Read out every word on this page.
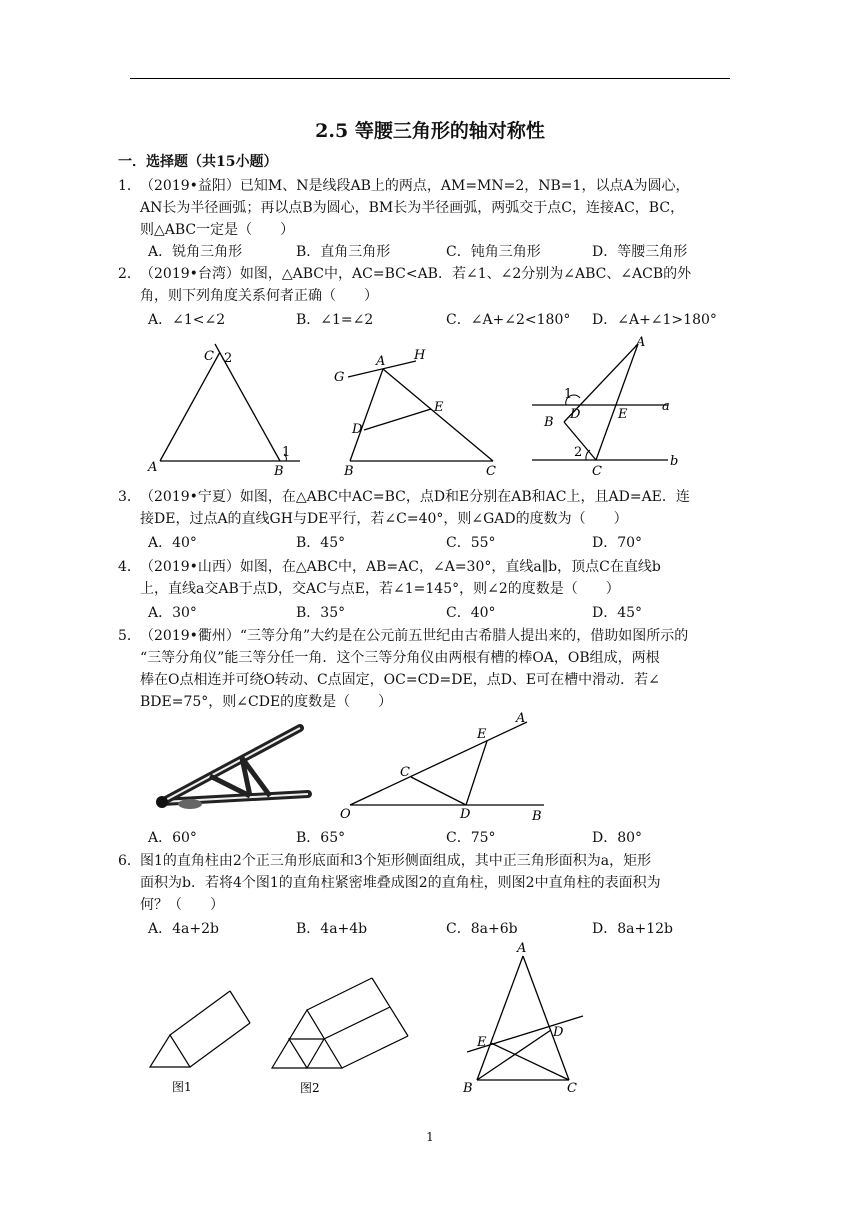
2.5 等腰三角形的轴对称性
一．选择题（共15小题）
1． （2019•益阳）已知M、N是线段AB上的两点，AM=MN=2，NB=1，以点A为圆心，
AN长为半径画弧；再以点B为圆心，BM长为半径画弧，两弧交于点C，连接AC，BC，
则△ABC一定是（　　）
A．锐角三角形	B．直角三角形	C．钝角三角形	D．等腰三角形
2． （2019•台湾）如图，△ABC中，AC=BC<AB．若∠1、∠2分别为∠ABC、∠ACB的外
角，则下列角度关系何者正确（　　）
A．∠1<∠2	B．∠1=∠2	C．∠A+∠2<180° D．∠A+∠1>180°
C 2
1
A	B
G
A H
E
D
B	C
A
1
D	E
a
B
2
C
b
3． （2019•宁夏）如图，在△ABC中AC=BC，点D和E分别在AB和AC上，且AD=AE．连
接DE，过点A的直线GH与DE平行，若∠C=40°，则∠GAD的度数为（　　）
A．40°	B．45°	C．55°	D．70°
4． （2019•山西）如图，在△ABC中，AB=AC，∠A=30°，直线a∥b，顶点C在直线b
上，直线a交AB于点D，交AC与点E，若∠1=145°，则∠2的度数是（　　）
A．30°	B．35°	C．40°	D．45°
5． （2019•衢州）“三等分角”大约是在公元前五世纪由古希腊人提出来的，借助如图所示的
“三等分角仪”能三等分任一角．这个三等分角仪由两根有槽的棒OA，OB组成，两根
棒在O点相连并可绕O转动、C点固定，OC=CD=DE，点D、E可在槽中滑动．若∠
BDE=75°，则∠CDE的度数是（　　）
A
E
C
O	D	B
A．60°	B．65°	C．75°	D．80°
6． 图1的直角柱由2个正三角形底面和3个矩形侧面组成，其中正三角形面积为a，矩形
面积为b．若将4个图1的直角柱紧密堆叠成图2的直角柱，则图2中直角柱的表面积为
何？（　　）
A．4a+2b	B．4a+4b	C．8a+6b	D．8a+12b
图1	图2
A
D
E
B	C
1
